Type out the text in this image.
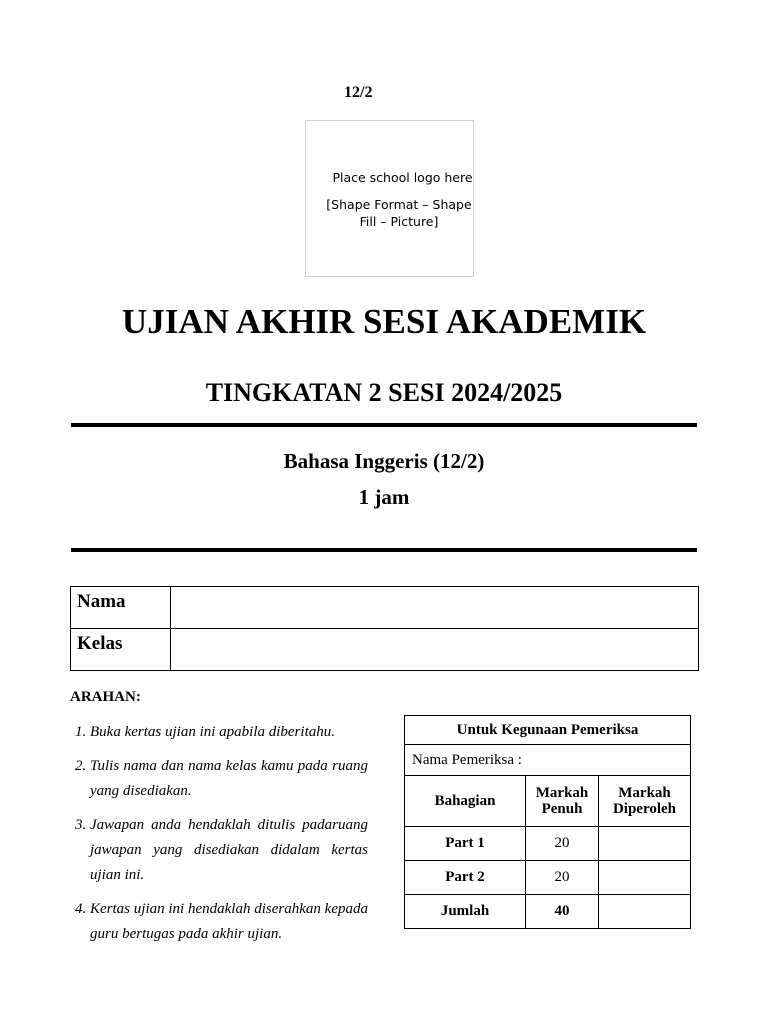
12/2
Place school logo here
[Shape Format – Shape Fill – Picture]
UJIAN AKHIR SESI AKADEMIK
TINGKATAN 2 SESI 2024/2025
Bahasa Inggeris (12/2)
1 jam
Nama	
Kelas	
ARAHAN:
1. Buka kertas ujian ini apabila diberitahu.
2. Tulis nama dan nama kelas kamu pada ruang yang disediakan.
3. Jawapan anda hendaklah ditulis padaruang jawapan yang disediakan didalam kertas ujian ini.
4. Kertas ujian ini hendaklah diserahkan kepada guru bertugas pada akhir ujian.
Untuk Kegunaan Pemeriksa		
Nama Pemeriksa :		
Bahagian	Markah Penuh	Markah Diperoleh
Part 1	20	
Part 2	20	
Jumlah	40	
